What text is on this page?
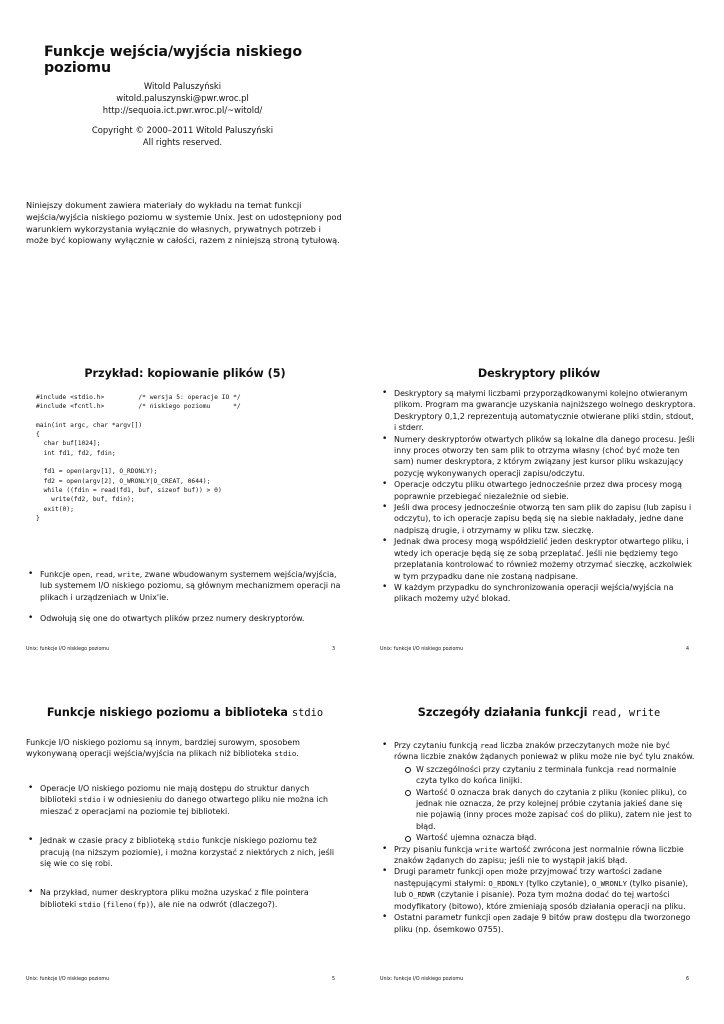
Funkcje wejścia/wyjścia niskiego poziomu

Witold Paluszyński

witold.paluszynski@pwr.wroc.pl

http://sequoia.ict.pwr.wroc.pl/~witold/

Copyright © 2000–2011 Witold Paluszyński

All rights reserved.

Niniejszy dokument zawiera materiały do wykładu na temat funkcji wejścia/wyjścia niskiego poziomu w systemie Unix. Jest on udostępniony pod warunkiem wykorzystania wyłącznie do własnych, prywatnych potrzeb i może być kopiowany wyłącznie w całości, razem z niniejszą stroną tytułową.

Przykład: kopiowanie plików (5)
#include <stdio.h>         /* wersja 5: operacje IO */
#include <fcntl.h>         /* niskiego poziomu      */

main(int argc, char *argv[])
{
char buf[1024];
int fd1, fd2, fdin;

fd1 = open(argv[1], O_RDONLY);
fd2 = open(argv[2], O_WRONLY|O_CREAT, 0644);
while ((fdin = read(fd1, buf, sizeof buf)) > 0)
write(fd2, buf, fdin);
exit(0);
}
• Funkcje open, read, write, zwane wbudowanym systemem wejścia/wyjścia, lub systemem I/O niskiego poziomu, są głównym mechanizmem operacji na plikach i urządzeniach w Unix'ie.
• Odwołują się one do otwartych plików przez numery deskryptorów.
Unix: funkcje I/O niskiego poziomu	3
Deskryptory plików
• Deskryptory są małymi liczbami przyporządkowanymi kolejno otwieranym plikom. Program ma gwarancje uzyskania najniższego wolnego deskryptora. Deskryptory 0,1,2 reprezentują automatycznie otwierane pliki stdin, stdout, i stderr.
• Numery deskryptorów otwartych plików są lokalne dla danego procesu. Jeśli inny proces otworzy ten sam plik to otrzyma własny (choć być może ten sam) numer deskryptora, z którym związany jest kursor pliku wskazujący pozycję wykonywanych operacji zapisu/odczytu.
• Operacje odczytu pliku otwartego jednocześnie przez dwa procesy mogą poprawnie przebiegać niezależnie od siebie.
• Jeśli dwa procesy jednocześnie otworzą ten sam plik do zapisu (lub zapisu i odczytu), to ich operacje zapisu będą się na siebie nakładały, jedne dane nadpiszą drugie, i otrzymamy w pliku tzw. sieczkę.
• Jednak dwa procesy mogą współdzielić jeden deskryptor otwartego pliku, i wtedy ich operacje będą się ze sobą przeplatać. Jeśli nie będziemy tego przeplatania kontrolować to również możemy otrzymać sieczkę, aczkolwiek w tym przypadku dane nie zostaną nadpisane.
• W każdym przypadku do synchronizowania operacji wejścia/wyjścia na plikach możemy użyć blokad.
Unix: funkcje I/O niskiego poziomu	4
Funkcje niskiego poziomu a biblioteka stdio

Funkcje I/O niskiego poziomu są innym, bardziej surowym, sposobem wykonywaną operacji wejścia/wyjścia na plikach niż biblioteka stdio.

• Operacje I/O niskiego poziomu nie mają dostępu do struktur danych biblioteki stdio i w odniesieniu do danego otwartego pliku nie można ich mieszać z operacjami na poziomie tej biblioteki.
• Jednak w czasie pracy z biblioteką stdio funkcje niskiego poziomu też pracują (na niższym poziomie), i można korzystać z niektórych z nich, jeśli się wie co się robi.
• Na przykład, numer deskryptora pliku można uzyskać z file pointera biblioteki stdio (fileno(fp)), ale nie na odwrót (dlaczego?).
Unix: funkcje I/O niskiego poziomu	5
Szczegóły działania funkcji read, write
• Przy czytaniu funkcją read liczba znaków przeczytanych może nie być równa liczbie znaków żądanych ponieważ w pliku może nie być tylu znaków.
W szczególności przy czytaniu z terminala funkcja read normalnie czyta tylko do końca linijki.
Wartość 0 oznacza brak danych do czytania z pliku (koniec pliku), co jednak nie oznacza, że przy kolejnej próbie czytania jakieś dane się nie pojawią (inny proces może zapisać coś do pliku), zatem nie jest to błąd.
Wartość ujemna oznacza błąd.
• Przy pisaniu funkcja write wartość zwrócona jest normalnie równa liczbie znaków żądanych do zapisu; jeśli nie to wystąpił jakiś błąd.
• Drugi parametr funkcji open może przyjmować trzy wartości zadane następującymi stałymi: O_RDONLY (tylko czytanie), O_WRONLY (tylko pisanie), lub O_RDWR (czytanie i pisanie). Poza tym można dodać do tej wartości modyfikatory (bitowo), które zmieniają sposób działania operacji na pliku.
• Ostatni parametr funkcji open zadaje 9 bitów praw dostępu dla tworzonego pliku (np. ósemkowo 0755).
Unix: funkcje I/O niskiego poziomu	6
